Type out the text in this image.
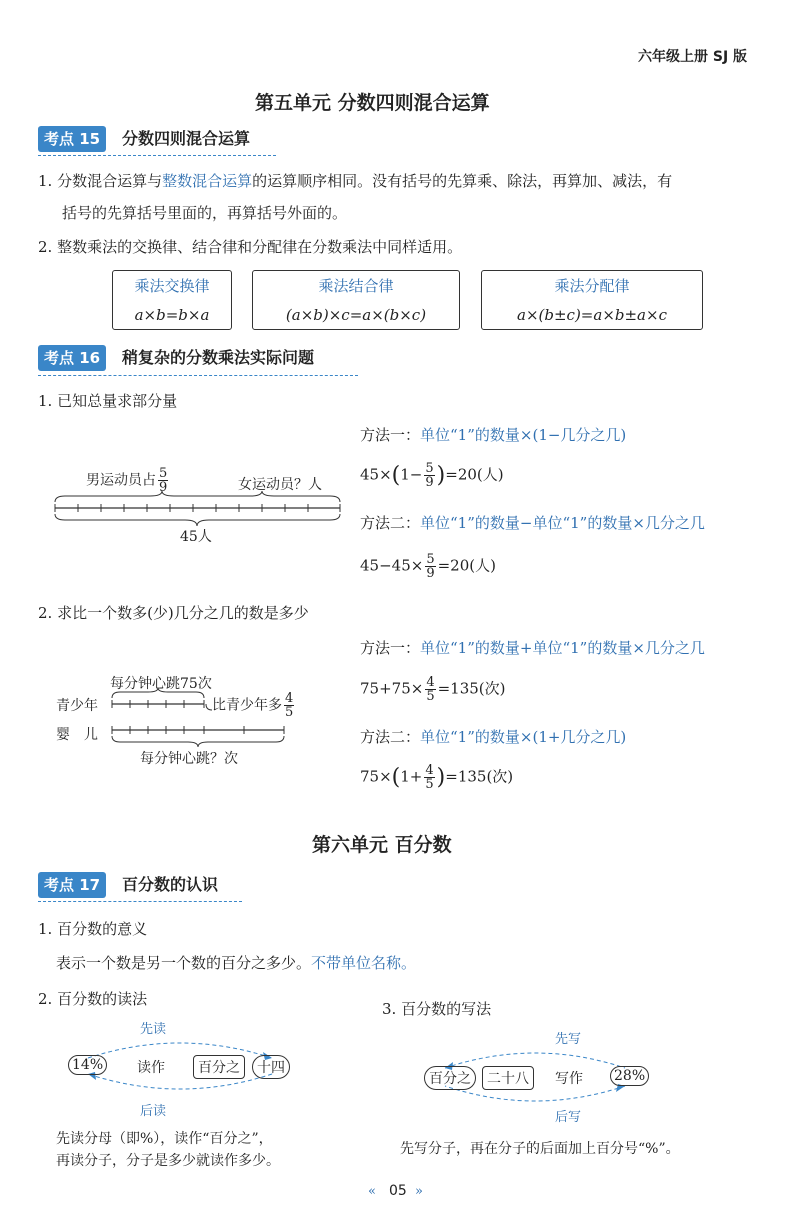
六年级上册 SJ 版
第五单元 分数四则混合运算
考点 15	分数四则混合运算
1. 分数混合运算与整数混合运算的运算顺序相同。没有括号的先算乘、除法，再算加、减法，有
括号的先算括号里面的，再算括号外面的。
2. 整数乘法的交换律、结合律和分配律在分数乘法中同样适用。
乘法交换律
a×b=b×a
乘法结合律
(a×b)×c=a×(b×c)
乘法分配律
a×(b±c)=a×b±a×c
考点 16	稍复杂的分数乘法实际问题
1. 已知总量求部分量
方法一：单位“1”的数量×(1−几分之几)
$45\times(1- \frac{5}{9} )=20$(人)
方法二：单位“1”的数量−单位“1”的数量×几分之几
$45-45\times \frac{5}{9} =20$(人)
男运动员占 $\frac{5}{9}$	女运动员？人
45人
2. 求比一个数多(少)几分之几的数是多少
方法一：单位“1”的数量+单位“1”的数量×几分之几
$75+75\times \frac{4}{5} =135$(次)
方法二：单位“1”的数量×(1+几分之几)
$75\times(1+ \frac{4}{5} )=135$(次)
每分钟心跳75次
青少年	比青少年多 $\frac{4}{5}$
婴　儿
每分钟心跳？次
第六单元 百分数
考点 17	百分数的认识
1. 百分数的意义
表示一个数是另一个数的百分之多少。不带单位名称。
2. 百分数的读法
3. 百分数的写法
先读
14% 读作	百分之	十四
后读
先读分母（即%），读作“百分之”，
再读分子，分子是多少就读作多少。
先写
百分之	二十八	写作 28%
后写
先写分子，再在分子的后面加上百分号“%”。
« 05 »
